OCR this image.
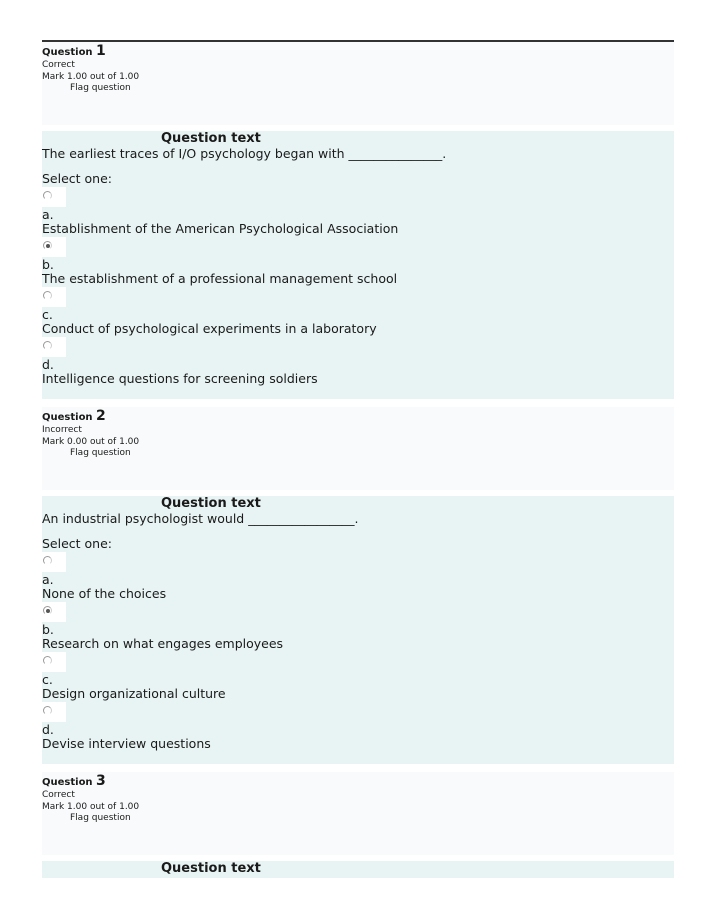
Question 1
Correct
Mark 1.00 out of 1.00
Flag question
Question text
The earliest traces of I/O psychology began with _______________.
Select one:
a.
Establishment of the American Psychological Association
b.
The establishment of a professional management school
c.
Conduct of psychological experiments in a laboratory
d.
Intelligence questions for screening soldiers
Question 2
Incorrect
Mark 0.00 out of 1.00
Flag question
Question text
An industrial psychologist would _________________.
Select one:
a.
None of the choices
b.
Research on what engages employees
c.
Design organizational culture
d.
Devise interview questions
Question 3
Correct
Mark 1.00 out of 1.00
Flag question
Question text
